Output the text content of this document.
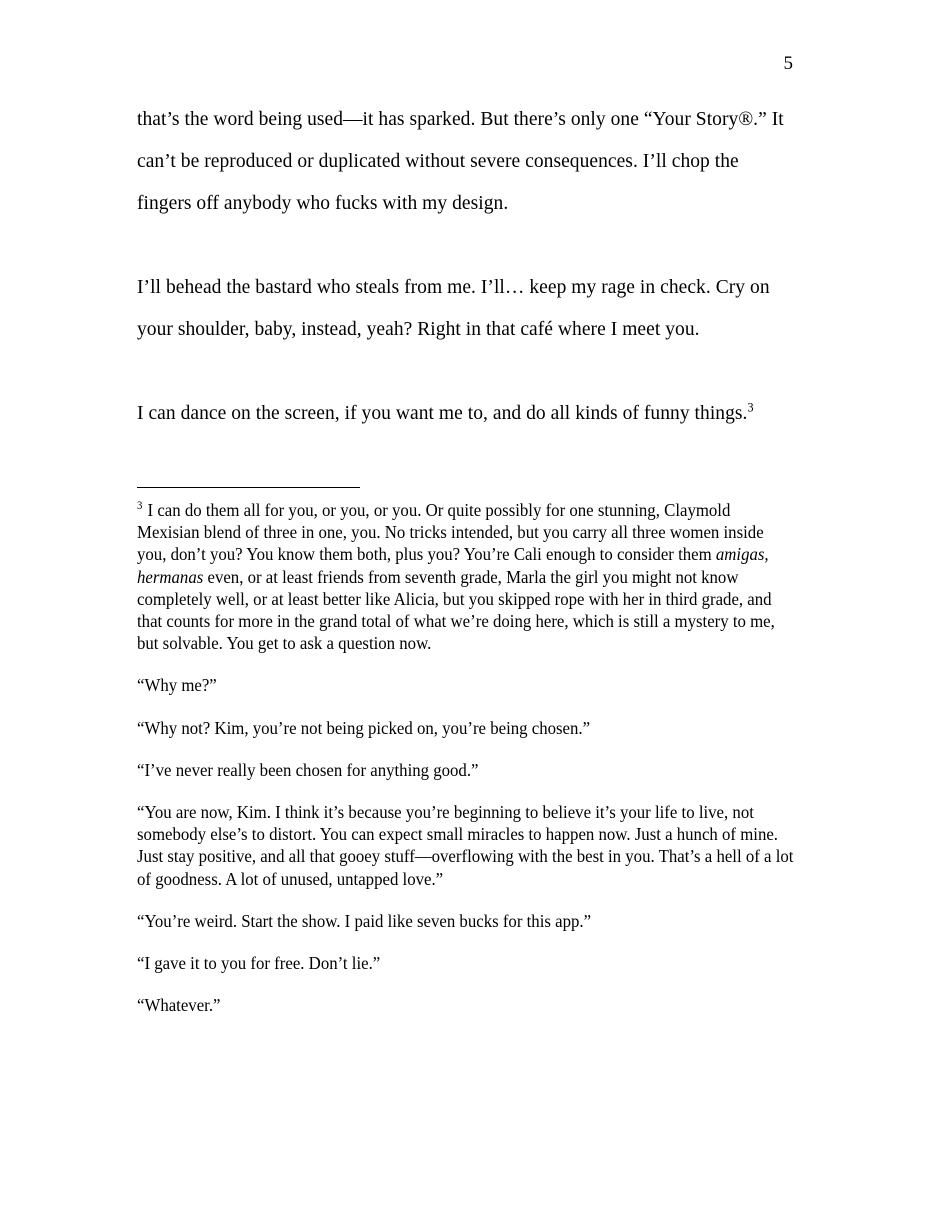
5

that’s the word being used—it has sparked. But there’s only one “Your Story®.” It can’t be reproduced or duplicated without severe consequences. I’ll chop the fingers off anybody who fucks with my design.

I’ll behead the bastard who steals from me. I’ll… keep my rage in check. Cry on your shoulder, baby, instead, yeah? Right in that café where I meet you.

I can dance on the screen, if you want me to, and do all kinds of funny things.$^3$

$^3$ I can do them all for you, or you, or you. Or quite possibly for one stunning, Claymold Mexisian blend of three in one, you. No tricks intended, but you carry all three women inside you, don’t you? You know them both, plus you? You’re Cali enough to consider them amigas, hermanas even, or at least friends from seventh grade, Marla the girl you might not know completely well, or at least better like Alicia, but you skipped rope with her in third grade, and that counts for more in the grand total of what we’re doing here, which is still a mystery to me, but solvable. You get to ask a question now.

“Why me?”

“Why not? Kim, you’re not being picked on, you’re being chosen.”

“I’ve never really been chosen for anything good.”

“You are now, Kim. I think it’s because you’re beginning to believe it’s your life to live, not somebody else’s to distort. You can expect small miracles to happen now. Just a hunch of mine. Just stay positive, and all that gooey stuff—overflowing with the best in you. That’s a hell of a lot of goodness. A lot of unused, untapped love.”

“You’re weird. Start the show. I paid like seven bucks for this app.”

“I gave it to you for free. Don’t lie.”

“Whatever.”
